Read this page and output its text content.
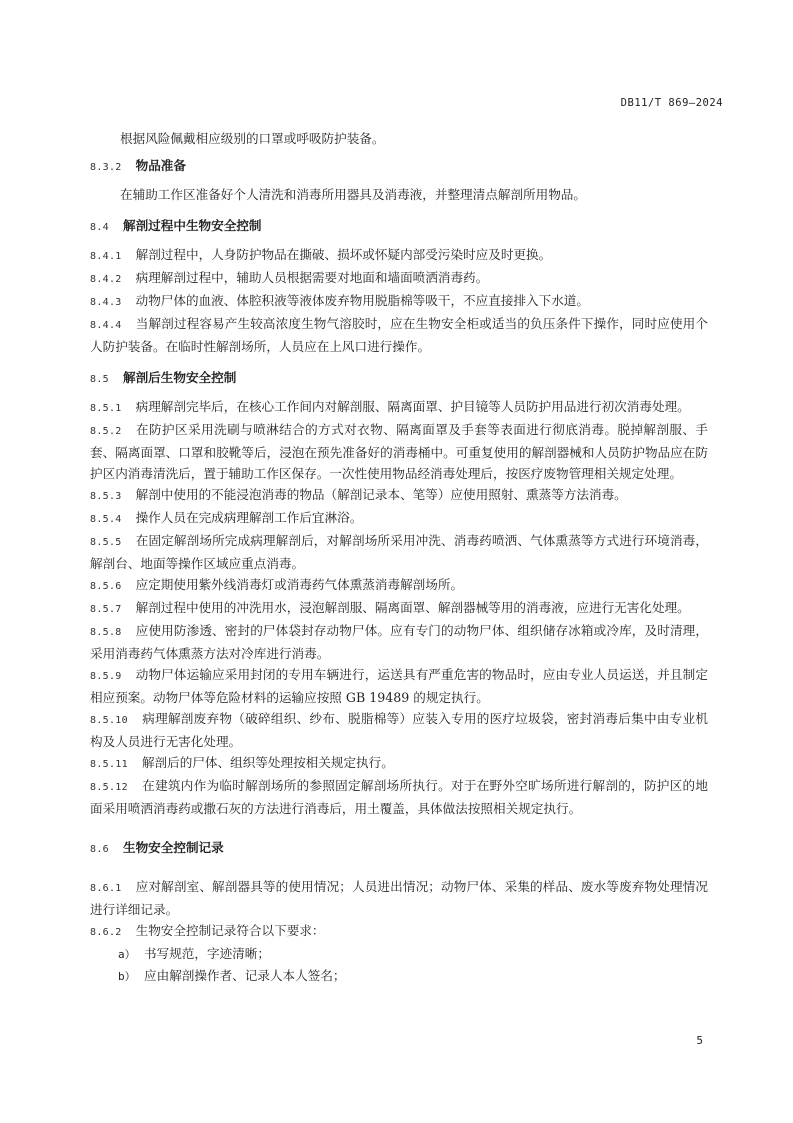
DB11/T 869—2024

根据风险佩戴相应级别的口罩或呼吸防护装备。

8.3.2 物品准备

在辅助工作区准备好个人清洗和消毒所用器具及消毒液，并整理清点解剖所用物品。

8.4 解剖过程中生物安全控制

8.4.1 解剖过程中，人身防护物品在撕破、损坏或怀疑内部受污染时应及时更换。

8.4.2 病理解剖过程中，辅助人员根据需要对地面和墙面喷洒消毒药。

8.4.3 动物尸体的血液、体腔积液等液体废弃物用脱脂棉等吸干，不应直接排入下水道。

8.4.4 当解剖过程容易产生较高浓度生物气溶胶时，应在生物安全柜或适当的负压条件下操作，同时应使用个人防护装备。在临时性解剖场所，人员应在上风口进行操作。

8.5 解剖后生物安全控制

8.5.1 病理解剖完毕后，在核心工作间内对解剖服、隔离面罩、护目镜等人员防护用品进行初次消毒处理。

8.5.2 在防护区采用洗刷与喷淋结合的方式对衣物、隔离面罩及手套等表面进行彻底消毒。脱掉解剖服、手套、隔离面罩、口罩和胶靴等后，浸泡在预先准备好的消毒桶中。可重复使用的解剖器械和人员防护物品应在防护区内消毒清洗后，置于辅助工作区保存。一次性使用物品经消毒处理后，按医疗废物管理相关规定处理。

8.5.3 解剖中使用的不能浸泡消毒的物品（解剖记录本、笔等）应使用照射、熏蒸等方法消毒。

8.5.4 操作人员在完成病理解剖工作后宜淋浴。

8.5.5 在固定解剖场所完成病理解剖后，对解剖场所采用冲洗、消毒药喷洒、气体熏蒸等方式进行环境消毒，解剖台、地面等操作区域应重点消毒。

8.5.6 应定期使用紫外线消毒灯或消毒药气体熏蒸消毒解剖场所。

8.5.7 解剖过程中使用的冲洗用水，浸泡解剖服、隔离面罩、解剖器械等用的消毒液，应进行无害化处理。

8.5.8 应使用防渗透、密封的尸体袋封存动物尸体。应有专门的动物尸体、组织储存冰箱或冷库，及时清理，采用消毒药气体熏蒸方法对冷库进行消毒。

8.5.9 动物尸体运输应采用封闭的专用车辆进行，运送具有严重危害的物品时，应由专业人员运送，并且制定相应预案。动物尸体等危险材料的运输应按照 GB 19489 的规定执行。

8.5.10 病理解剖废弃物（破碎组织、纱布、脱脂棉等）应装入专用的医疗垃圾袋，密封消毒后集中由专业机构及人员进行无害化处理。

8.5.11 解剖后的尸体、组织等处理按相关规定执行。

8.5.12 在建筑内作为临时解剖场所的参照固定解剖场所执行。对于在野外空旷场所进行解剖的，防护区的地面采用喷洒消毒药或撒石灰的方法进行消毒后，用土覆盖，具体做法按照相关规定执行。

8.6 生物安全控制记录

8.6.1 应对解剖室、解剖器具等的使用情况；人员进出情况；动物尸体、采集的样品、废水等废弃物处理情况进行详细记录。

8.6.2 生物安全控制记录符合以下要求：

a） 书写规范，字迹清晰；

b） 应由解剖操作者、记录人本人签名；

5
